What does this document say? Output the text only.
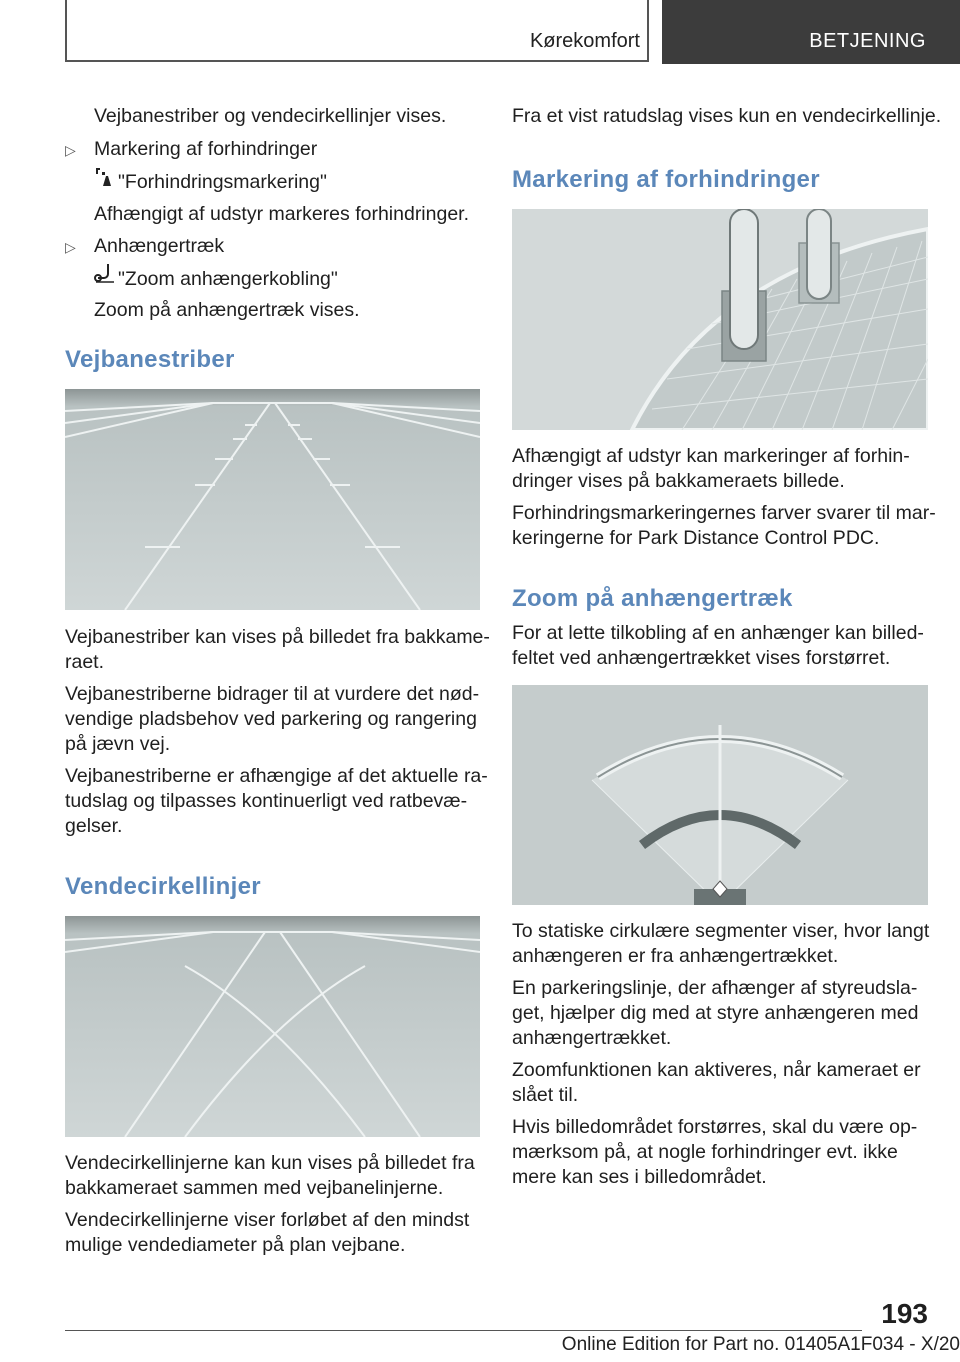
Kørekomfort	BETJENING
Vejbanestriber og vendecirkellinjer vises.
▷ Markering af forhindringer
"Forhindringsmarkering"
Afhængigt af udstyr markeres forhindringer.
▷ Anhængertræk
"Zoom anhængerkobling"
Zoom på anhængertræk vises.
Vejbanestriber
Vejbanestriber kan vises på billedet fra bakkame-
raet.
Vejbanestriberne bidrager til at vurdere det nød-
vendige pladsbehov ved parkering og rangering
på jævn vej.
Vejbanestriberne er afhængige af det aktuelle ra-
tudslag og tilpasses kontinuerligt ved ratbevæ-
gelser.
Vendecirkellinjer
Vendecirkellinjerne kan kun vises på billedet fra
bakkameraet sammen med vejbanelinjerne.
Vendecirkellinjerne viser forløbet af den mindst
mulige vendediameter på plan vejbane.
Fra et vist ratudslag vises kun en vendecirkellinje.
Markering af forhindringer
Afhængigt af udstyr kan markeringer af forhin-
dringer vises på bakkameraets billede.
Forhindringsmarkeringernes farver svarer til mar-
keringerne for Park Distance Control PDC.
Zoom på anhængertræk
For at lette tilkobling af en anhænger kan billed-
feltet ved anhængertrækket vises forstørret.
To statiske cirkulære segmenter viser, hvor langt
anhængeren er fra anhængertrækket.
En parkeringslinje, der afhænger af styreudsla-
get, hjælper dig med at styre anhængeren med
anhængertrækket.
Zoomfunktionen kan aktiveres, når kameraet er
slået til.
Hvis billedområdet forstørres, skal du være op-
mærksom på, at nogle forhindringer evt. ikke
mere kan ses i billedområdet.
193
Online Edition for Part no. 01405A1F034 - X/20
